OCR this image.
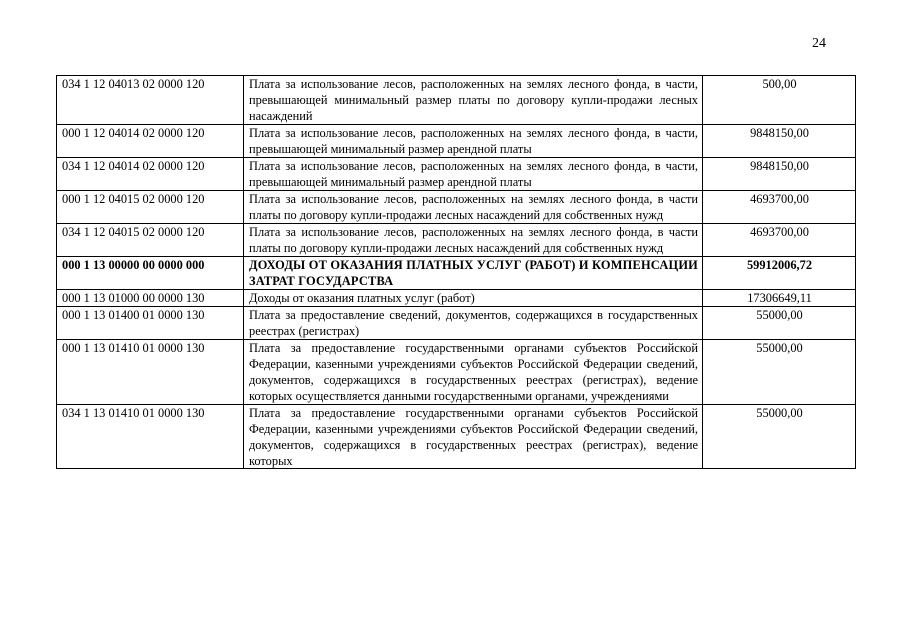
24
034 1 12 04013 02 0000 120	Плата за использование лесов, расположенных на землях лесного фонда, в части, превышающей минимальный размер платы по договору купли-продажи лесных насаждений	500,00
000 1 12 04014 02 0000 120	Плата за использование лесов, расположенных на землях лесного фонда, в части, превышающей минимальный размер арендной платы	9848150,00
034 1 12 04014 02 0000 120	Плата за использование лесов, расположенных на землях лесного фонда, в части, превышающей минимальный размер арендной платы	9848150,00
000 1 12 04015 02 0000 120	Плата за использование лесов, расположенных на землях лесного фонда, в части платы по договору купли-продажи лесных насаждений для собственных нужд	4693700,00
034 1 12 04015 02 0000 120	Плата за использование лесов, расположенных на землях лесного фонда, в части платы по договору купли-продажи лесных насаждений для собственных нужд	4693700,00
000 1 13 00000 00 0000 000	ДОХОДЫ ОТ ОКАЗАНИЯ ПЛАТНЫХ УСЛУГ (РАБОТ) И КОМПЕНСАЦИИ ЗАТРАТ ГОСУДАРСТВА	59912006,72
000 1 13 01000 00 0000 130	Доходы от оказания платных услуг (работ)	17306649,11
000 1 13 01400 01 0000 130	Плата за предоставление сведений, документов, содержащихся в государственных реестрах (регистрах)	55000,00
000 1 13 01410 01 0000 130	Плата за предоставление государственными органами субъектов Российской Федерации, казенными учреждениями субъектов Российской Федерации сведений, документов, содержащихся в государственных реестрах (регистрах), ведение которых осуществляется данными государственными органами, учреждениями	55000,00
034 1 13 01410 01 0000 130	Плата за предоставление государственными органами субъектов Российской Федерации, казенными учреждениями субъектов Российской Федерации сведений, документов, содержащихся в государственных реестрах (регистрах), ведение которых	55000,00
